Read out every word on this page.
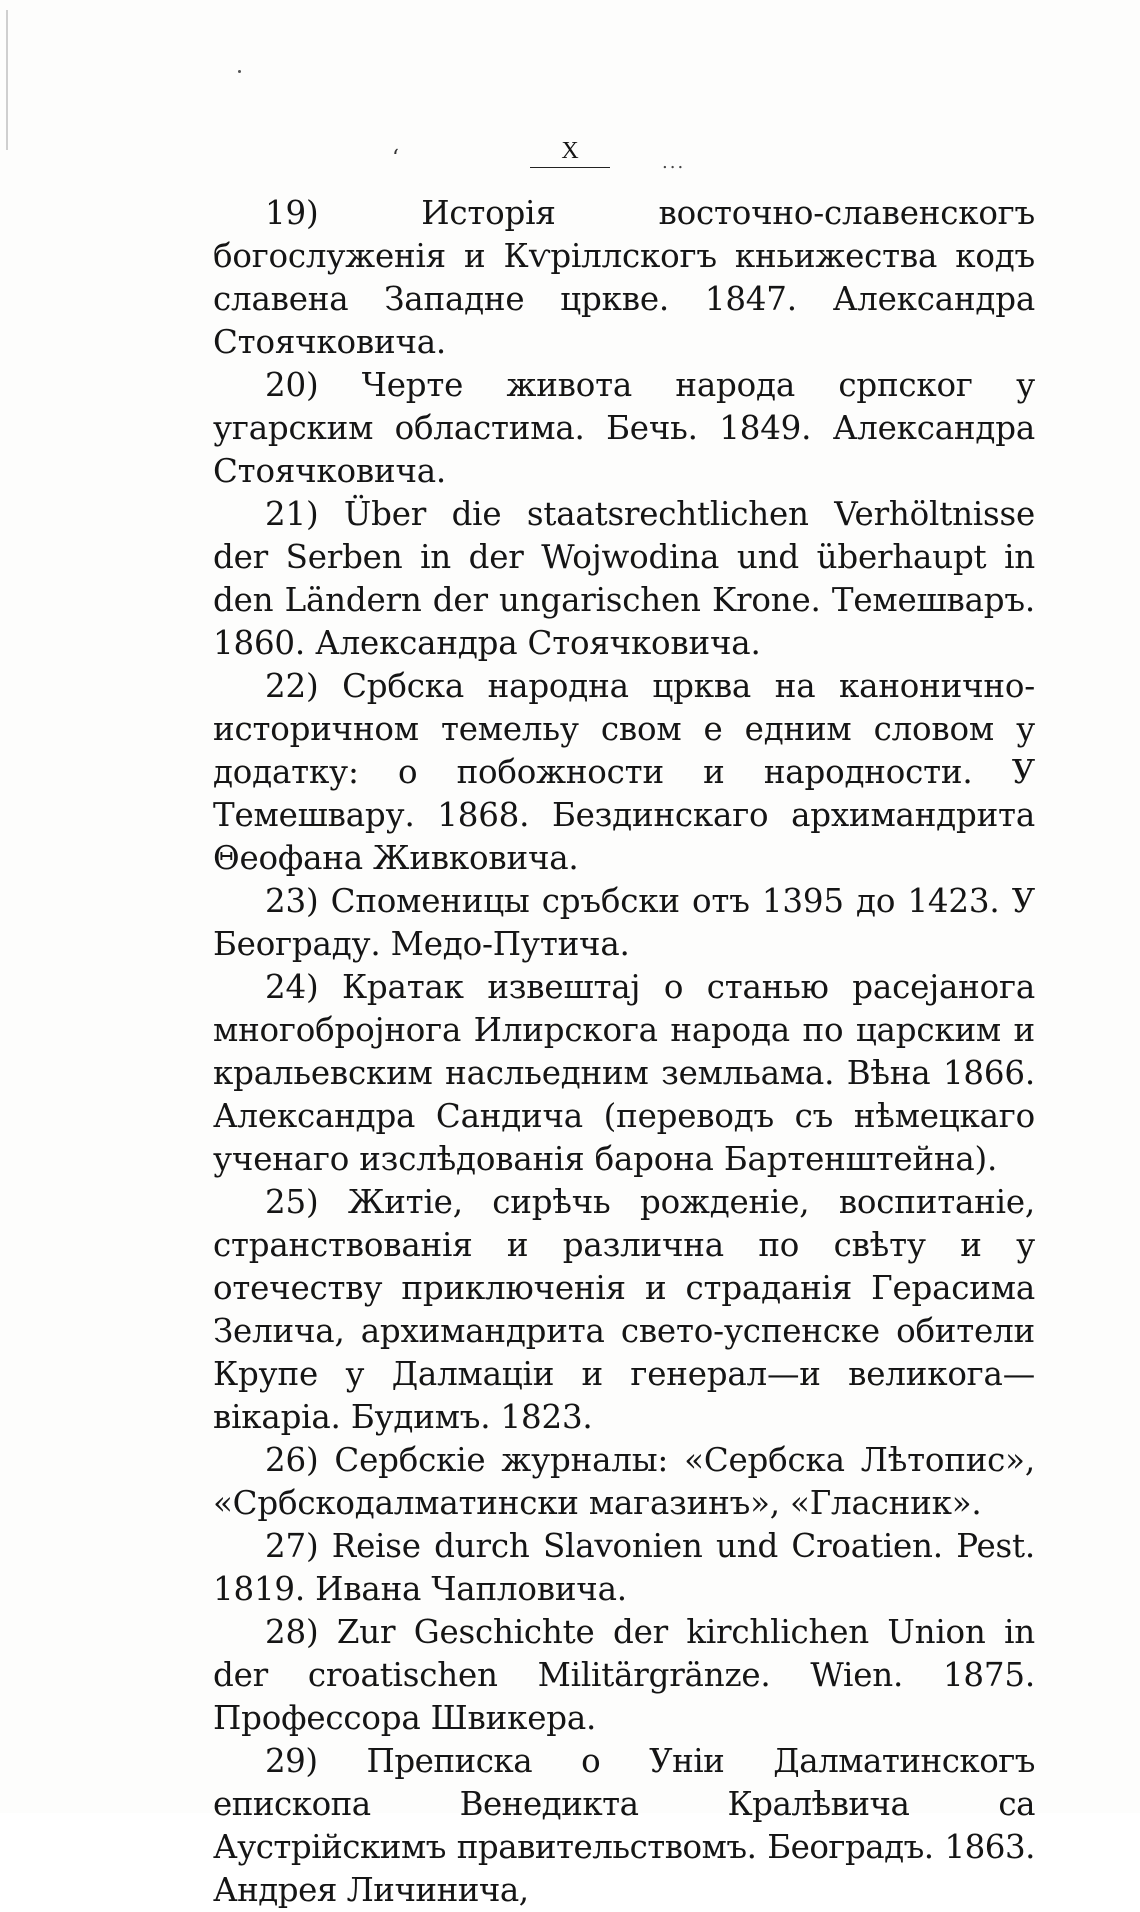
X
‘	...

19) Исторія восточно-славенскогъ богослуженія и Кѵріллскогъ кньижества кодъ славена Западне цркве. 1847. Александра Стоячковича.

20) Черте живота народа српског у угарским областима. Бечь. 1849. Александра Стоячковича.

21) Über die staatsrechtlichen Verhöltnisse der Serben in der Wojwodina und überhaupt in den Ländern der ungarischen Krone. Темешваръ. 1860. Александра Стоячковича.

22) Србска народна црква на канонично-историчном темельу свом е едним словом у додатку: о побожности и народности. У Темешвару. 1868. Бездинскаго архимандрита Θеофана Живковича.

23) Споменицы сръбски отъ 1395 до 1423. У Београду. Медо-Путича.

24) Кратак извештај о станью расејанога многобројнога Илирскога народа по царским и кральевским насльедним земльама. Вѣна 1866. Александра Сандича (переводъ съ нѣмецкаго ученаго изслѣдованія барона Бартенштейна).

25) Житіе, сирѣчь рожденіе, воспитаніе, странствованія и различна по свѣту и у отечеству приключенія и страданія Герасима Зелича, архимандрита свето-успенске обители Крупе у Далмаціи и генерал—и великога—вікаріа. Будимъ. 1823.

26) Сербскіе журналы: «Сербска Лѣтопис», «Србскодалматински магазинъ», «Гласник».

27) Reise durch Slavonien und Croatien. Pest. 1819. Ивана Чапловича.

28) Zur Geschichte der kirchlichen Union in der croatischen Militärgränze. Wien. 1875. Профессора Швикера.

29) Преписка о Уніи Далматинскогъ епископа Венедикта Кралѣвича са Аустрійскимъ правительствомъ. Београдъ. 1863. Андрея Личинича,
